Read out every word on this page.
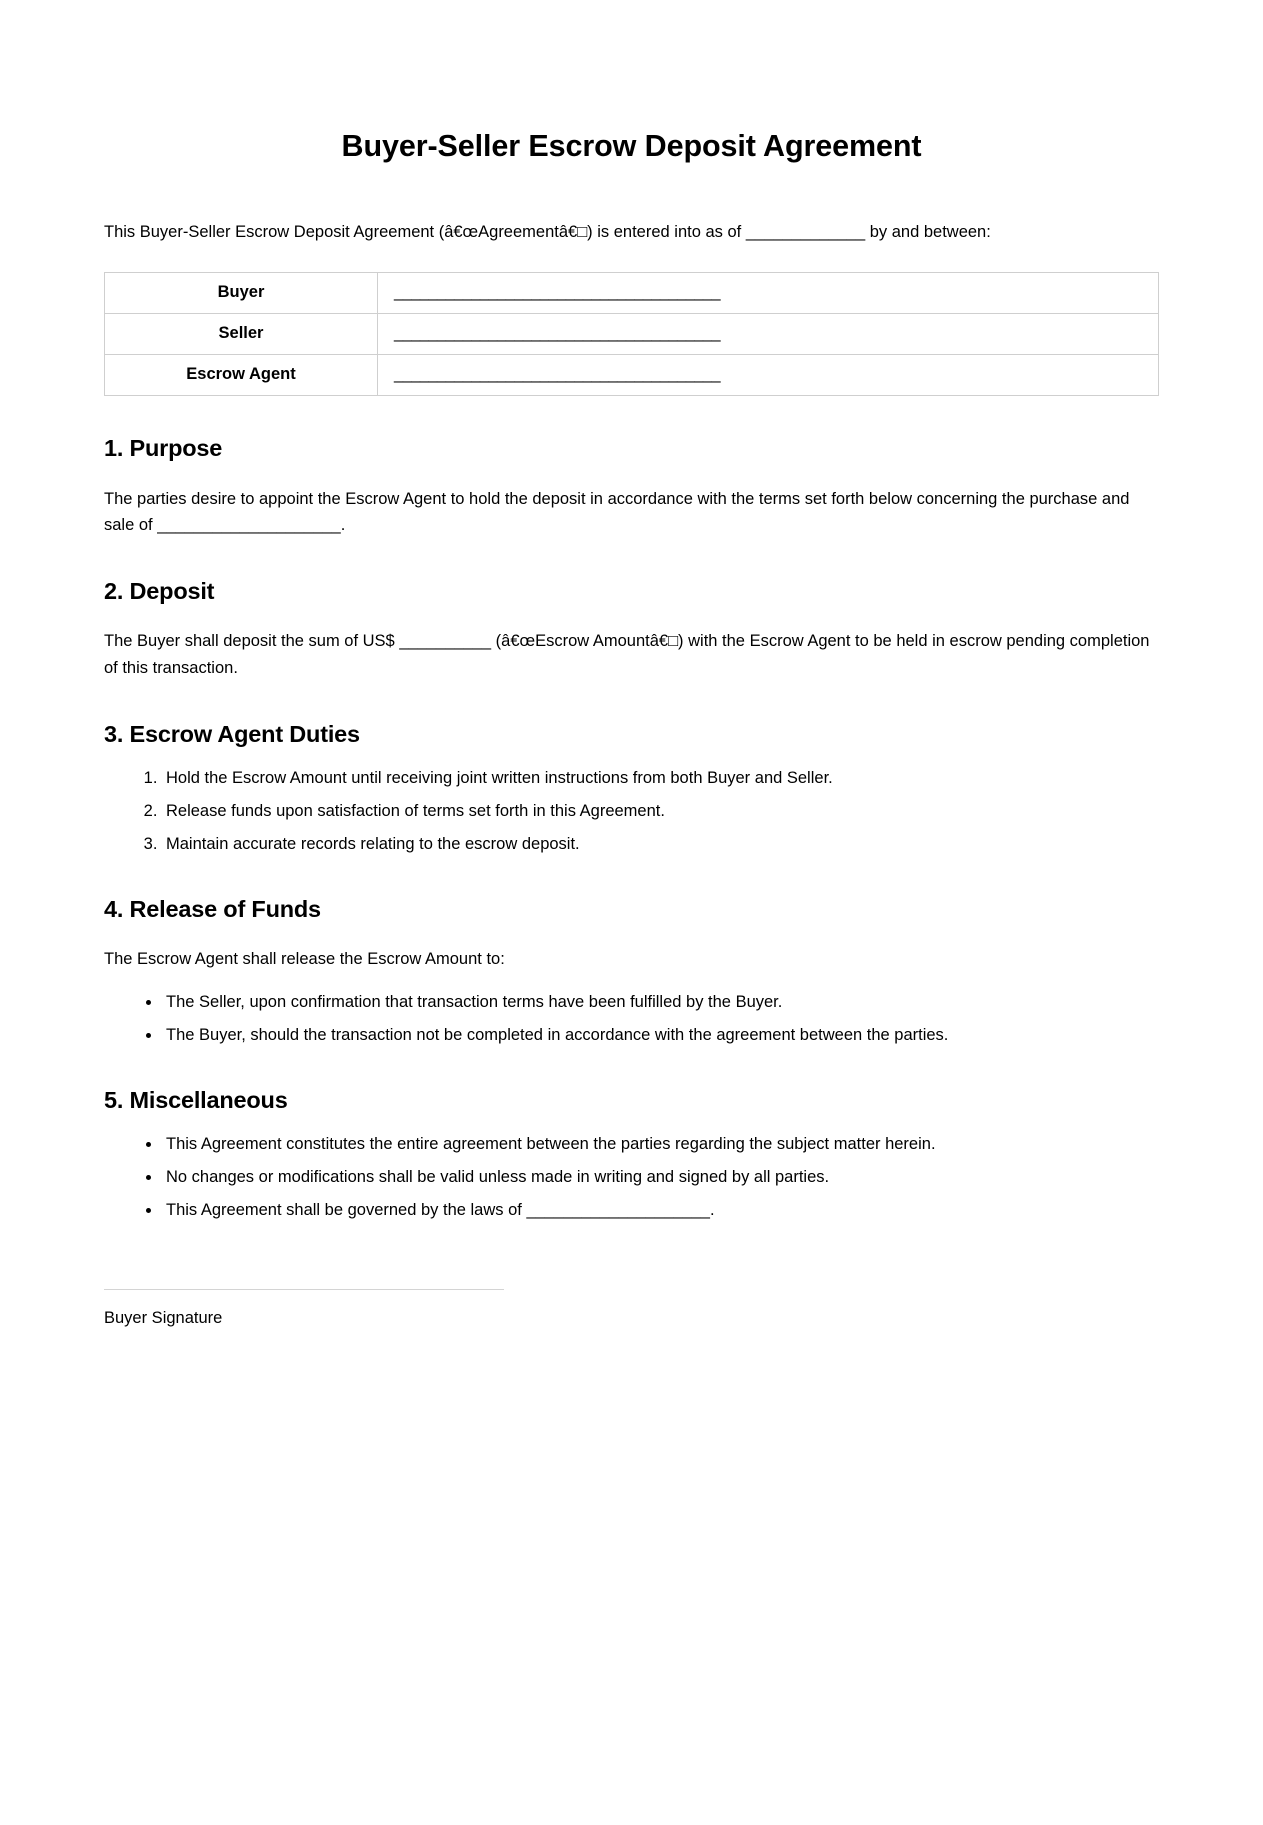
Buyer-Seller Escrow Deposit Agreement

This Buyer-Seller Escrow Deposit Agreement (â€œAgreementâ€□) is entered into as of _____________ by and between:

Buyer	______________________________________
Seller	______________________________________
Escrow Agent	______________________________________
1. Purpose

The parties desire to appoint the Escrow Agent to hold the deposit in accordance with the terms set forth below concerning the purchase and sale of ____________________.

2. Deposit

The Buyer shall deposit the sum of US$ __________ (â€œEscrow Amountâ€□) with the Escrow Agent to be held in escrow pending completion of this transaction.

3. Escrow Agent Duties
1. Hold the Escrow Amount until receiving joint written instructions from both Buyer and Seller.
2. Release funds upon satisfaction of terms set forth in this Agreement.
3. Maintain accurate records relating to the escrow deposit.
4. Release of Funds

The Escrow Agent shall release the Escrow Amount to:

• The Seller, upon confirmation that transaction terms have been fulfilled by the Buyer.
• The Buyer, should the transaction not be completed in accordance with the agreement between the parties.
5. Miscellaneous
• This Agreement constitutes the entire agreement between the parties regarding the subject matter herein.
• No changes or modifications shall be valid unless made in writing and signed by all parties.
• This Agreement shall be governed by the laws of ____________________.

Buyer Signature
